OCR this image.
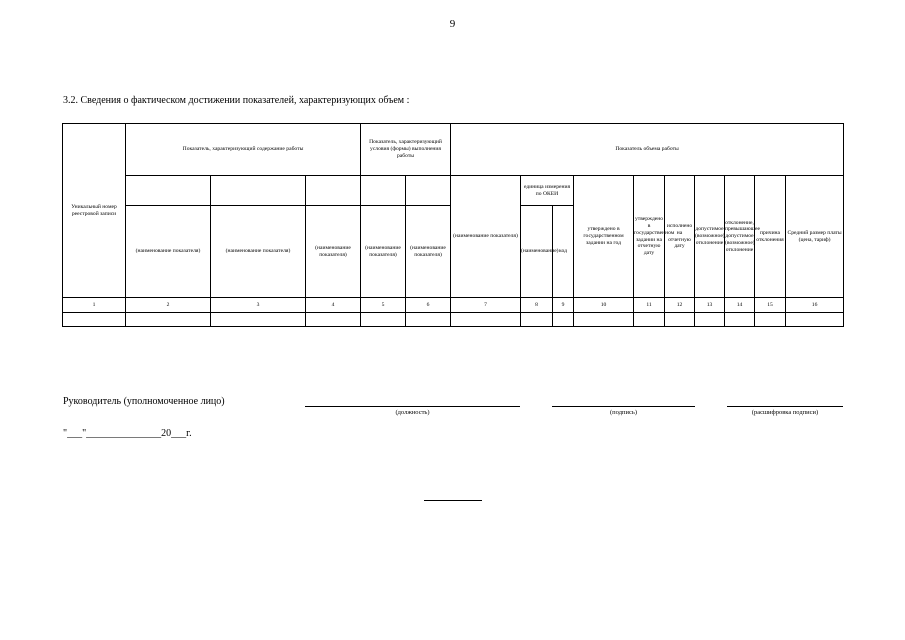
9
3.2. Сведения о фактическом достижении показателей, характеризующих объем :
Уникальный номер реестровой записи	Показатель, характеризующий содержание работы			Показатель, характеризующий условия (формы) выполнения работы		Показатель объема работы									

						(наименование показателя)	единица измерения по ОКЕИ		утверждено в государственном задании на год	утверждено в государственном задании на отчетную дату	исполнено на отчетную дату	допустимое (возможное) отклонение	отклонение, превышающее допустимое (возможное) отклонение	причина отклонения	Средний размер платы (цена, тариф)

	(наименование показателя)	(наименование показателя)	(наименование показателя)	(наименование показателя)	(наименование показателя)		(наименование)	код							

1	2	3	4	5	6	7	8	9	10	11	12	13	14	15	16

Руководитель (уполномоченное лицо)
(должность)	(подпись)	(расшифровка подписи)
"___"_______________20___г.
